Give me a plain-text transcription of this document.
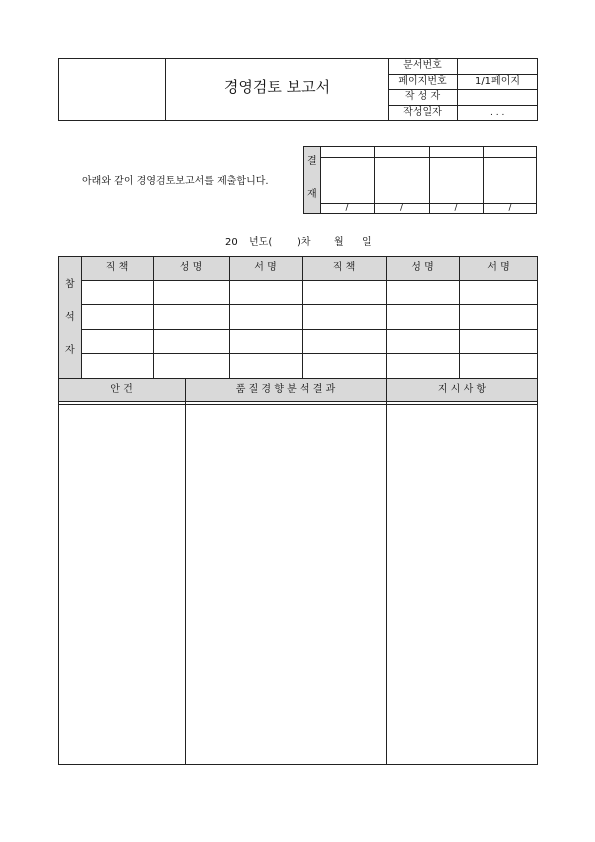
경영검토 보고서
문서번호
페이지번호	1/1페이지
작 성 자
작성일자	. . .
아래와 같이 경영검토보고서를 제출합니다.
결
재
/	/	/	/
20 년도( )차 월 일
참
석
자
직 책	성 명	서 명	직 책	성 명	서 명
안 건	품 질 경 향 분 석 결 과	지 시 사 항
